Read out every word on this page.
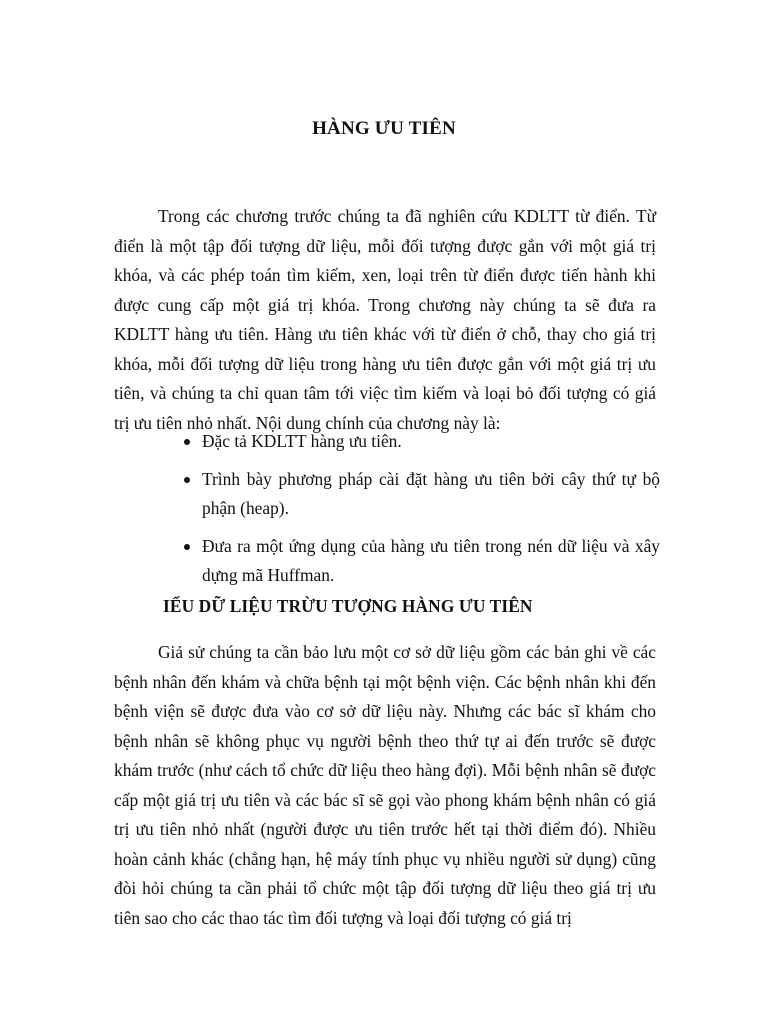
HÀNG ƯU TIÊN

Trong các chương trước chúng ta đã nghiên cứu KDLTT từ điển. Từ điển là một tập đối tượng dữ liệu, mỗi đối tượng được gắn với một giá trị khóa, và các phép toán tìm kiếm, xen, loại trên từ điển được tiến hành khi được cung cấp một giá trị khóa. Trong chương này chúng ta sẽ đưa ra KDLTT hàng ưu tiên. Hàng ưu tiên khác với từ điển ở chỗ, thay cho giá trị khóa, mỗi đối tượng dữ liệu trong hàng ưu tiên được gắn với một giá trị ưu tiên, và chúng ta chỉ quan tâm tới việc tìm kiếm và loại bỏ đối tượng có giá trị ưu tiên nhỏ nhất. Nội dung chính của chương này là:

Đặc tả KDLTT hàng ưu tiên.
Trình bày phương pháp cài đặt hàng ưu tiên bởi cây thứ tự bộ phận (heap).
Đưa ra một ứng dụng của hàng ưu tiên trong nén dữ liệu và xây dựng mã Huffman.
IỂU DỮ LIỆU TRỪU TƯỢNG HÀNG ƯU TIÊN

Giả sử chúng ta cần bảo lưu một cơ sở dữ liệu gồm các bản ghi về các bệnh nhân đến khám và chữa bệnh tại một bệnh viện. Các bệnh nhân khi đến bệnh viện sẽ được đưa vào cơ sở dữ liệu này. Nhưng các bác sĩ khám cho bệnh nhân sẽ không phục vụ người bệnh theo thứ tự ai đến trước sẽ được khám trước (như cách tổ chức dữ liệu theo hàng đợi). Mỗi bệnh nhân sẽ được cấp một giá trị ưu tiên và các bác sĩ sẽ gọi vào phong khám bệnh nhân có giá trị ưu tiên nhỏ nhất (người được ưu tiên trước hết tại thời điểm đó). Nhiều hoàn cảnh khác (chẳng hạn, hệ máy tính phục vụ nhiều người sử dụng) cũng đòi hỏi chúng ta cần phải tổ chức một tập đối tượng dữ liệu theo giá trị ưu tiên sao cho các thao tác tìm đối tượng và loại đối tượng có giá trị
